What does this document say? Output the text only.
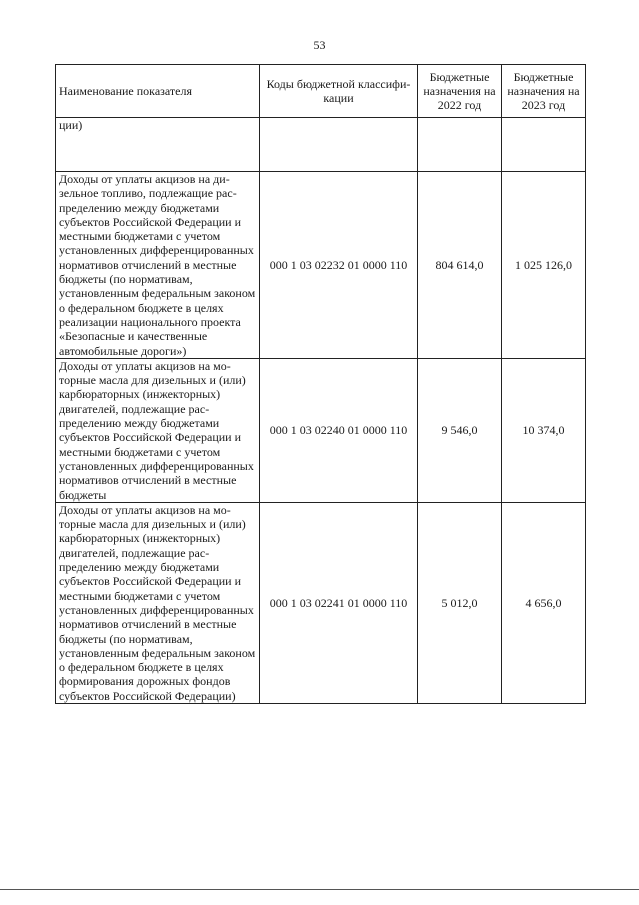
53
Наименование показателя	Коды бюджетной классификации	Бюджетные назначения на 2022 год	Бюджетные назначения на 2023 год
ции)			
Доходы от уплаты акцизов на дизельное топливо, подлежащие распределению между бюджетами субъектов Российской Федерации и местными бюджетами с учетом установленных дифференцированных нормативов отчислений в местные бюджеты (по нормативам, установленным федеральным законом о федеральном бюджете в целях реализации национального проекта «Безопасные и качественные автомобильные дороги»)	000 1 03 02232 01 0000 110	804 614,0	1 025 126,0
Доходы от уплаты акцизов на моторные масла для дизельных и (или) карбюраторных (инжекторных) двигателей, подлежащие распределению между бюджетами субъектов Российской Федерации и местными бюджетами с учетом установленных дифференцированных нормативов отчислений в местные бюджеты	000 1 03 02240 01 0000 110	9 546,0	10 374,0
Доходы от уплаты акцизов на моторные масла для дизельных и (или) карбюраторных (инжекторных) двигателей, подлежащие распределению между бюджетами субъектов Российской Федерации и местными бюджетами с учетом установленных дифференцированных нормативов отчислений в местные бюджеты (по нормативам, установленным федеральным законом о федеральном бюджете в целях формирования дорожных фондов субъектов Российской Федерации)	000 1 03 02241 01 0000 110	5 012,0	4 656,0
